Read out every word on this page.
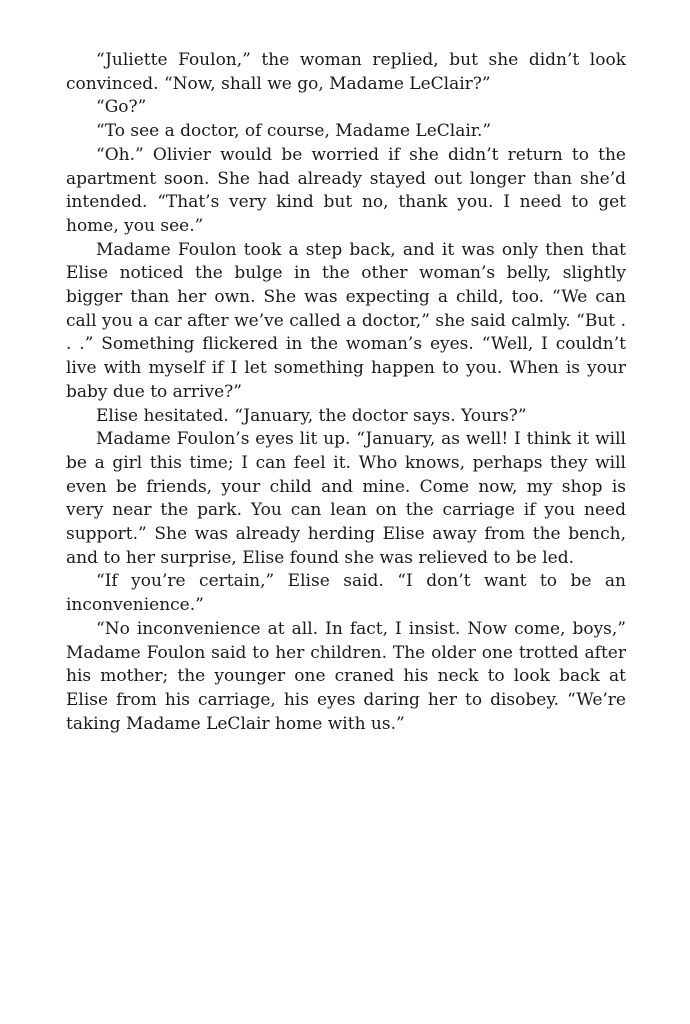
“Juliette Foulon,” the woman replied, but she didn’t look convinced. “Now, shall we go, Madame LeClair?”

“Go?”

“To see a doctor, of course, Madame LeClair.”

“Oh.” Olivier would be worried if she didn’t return to the apartment soon. She had already stayed out longer than she’d intended. “That’s very kind but no, thank you. I need to get home, you see.”

Madame Foulon took a step back, and it was only then that Elise noticed the bulge in the other woman’s belly, slightly bigger than her own. She was expecting a child, too. “We can call you a car after we’ve called a doctor,” she said calmly. “But . . .” Something flickered in the woman’s eyes. “Well, I couldn’t live with myself if I let something happen to you. When is your baby due to arrive?”

Elise hesitated. “January, the doctor says. Yours?”

Madame Foulon’s eyes lit up. “January, as well! I think it will be a girl this time; I can feel it. Who knows, perhaps they will even be friends, your child and mine. Come now, my shop is very near the park. You can lean on the carriage if you need support.” She was already herding Elise away from the bench, and to her surprise, Elise found she was relieved to be led.

“If you’re certain,” Elise said. “I don’t want to be an inconvenience.”

“No inconvenience at all. In fact, I insist. Now come, boys,” Madame Foulon said to her children. The older one trotted after his mother; the younger one craned his neck to look back at Elise from his carriage, his eyes daring her to disobey. “We’re taking Madame LeClair home with us.”
